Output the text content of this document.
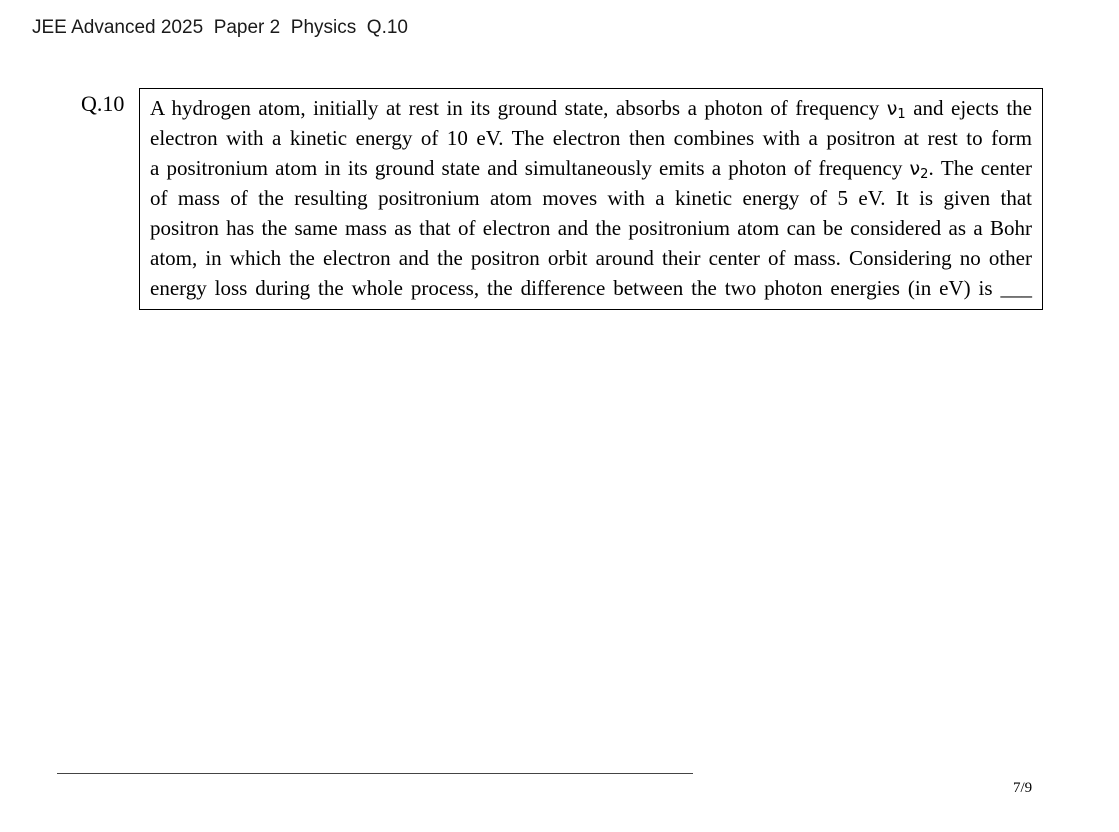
JEE Advanced 2025  Paper 2  Physics  Q.10
Q.10 A hydrogen atom, initially at rest in its ground state, absorbs a photon of frequency $\nu_1$ and ejects the
electron with a kinetic energy of 10 eV. The electron then combines with a positron at rest to form
a positronium atom in its ground state and simultaneously emits a photon of frequency $\nu_2$. The center
of mass of the resulting positronium atom moves with a kinetic energy of 5 eV. It is given that
positron has the same mass as that of electron and the positronium atom can be considered as a Bohr
atom, in which the electron and the positron orbit around their center of mass. Considering no other
energy loss during the whole process, the difference between the two photon energies (in eV) is ___
7/9
